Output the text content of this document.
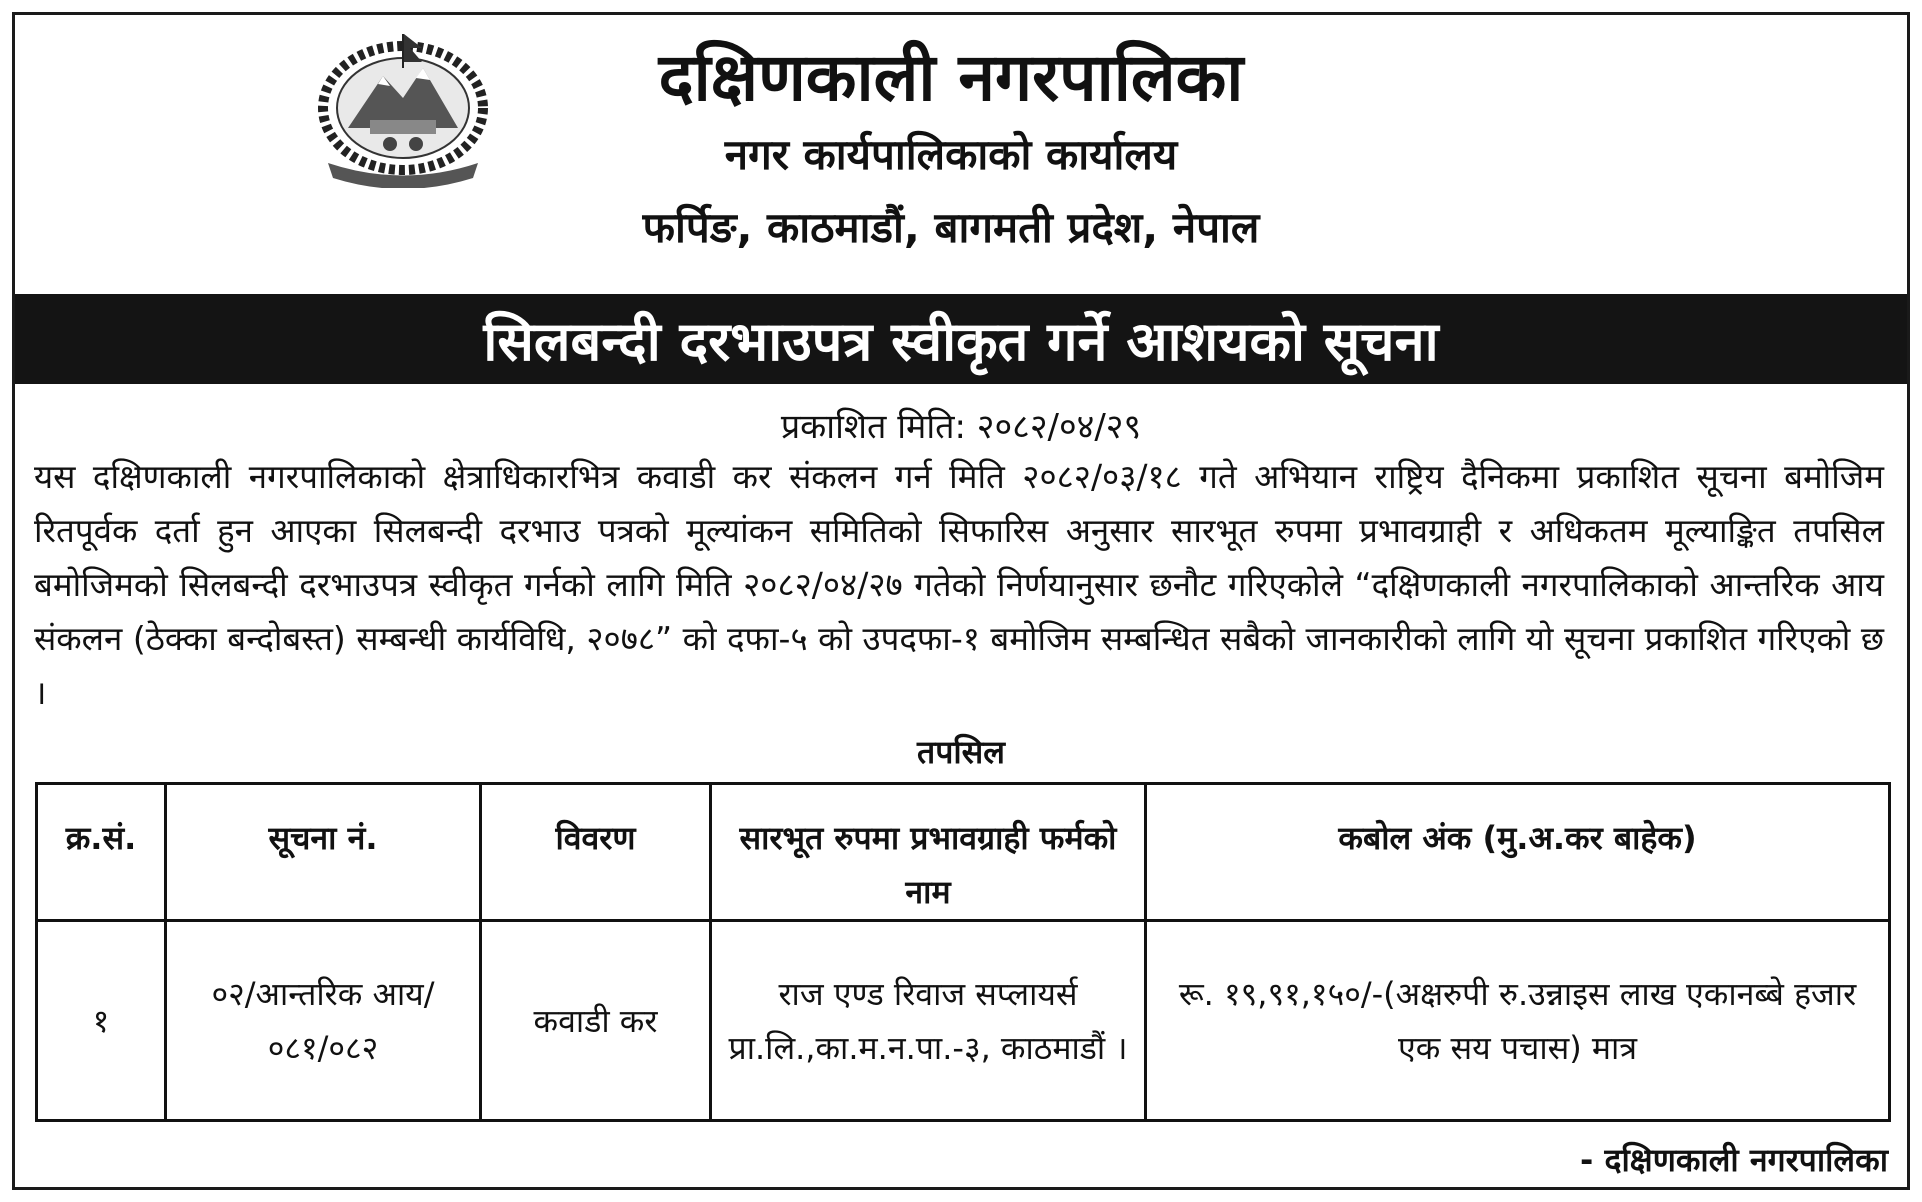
दक्षिणकाली नगरपालिका
नगर कार्यपालिकाको कार्यालय
फर्पिङ, काठमाडौं, बागमती प्रदेश, नेपाल
सिलबन्दी दरभाउपत्र स्वीकृत गर्ने आशयको सूचना
प्रकाशित मिति: २०८२/०४/२९
यस दक्षिणकाली नगरपालिकाको क्षेत्राधिकारभित्र कवाडी कर संकलन गर्न मिति २०८२/०३/१८ गते अभियान राष्ट्रिय दैनिकमा प्रकाशित सूचना बमोजिम रितपूर्वक दर्ता हुन आएका सिलबन्दी दरभाउ पत्रको मूल्यांकन समितिको सिफारिस अनुसार सारभूत रुपमा प्रभावग्राही र अधिकतम मूल्याङ्कित तपसिल बमोजिमको सिलबन्दी दरभाउपत्र स्वीकृत गर्नको लागि मिति २०८२/०४/२७ गतेको निर्णयानुसार छनौट गरिएकोले “दक्षिणकाली नगरपालिकाको आन्तरिक आय संकलन (ठेक्का बन्दोबस्त) सम्बन्धी कार्यविधि, २०७८” को दफा-५ को उपदफा-१ बमोजिम सम्बन्धित सबैको जानकारीको लागि यो सूचना प्रकाशित गरिएको छ ।
तपसिल
क्र.सं.	सूचना नं.	विवरण	सारभूत रुपमा प्रभावग्राही फर्मको नाम	कबोल अंक (मु.अ.कर बाहेक)
१	०२/आन्तरिक आय/०८१/०८२	कवाडी कर	राज एण्ड रिवाज सप्लायर्स प्रा.लि.,का.म.न.पा.-३, काठमाडौं ।	रू. १९,९१,१५०/-(अक्षरुपी रु.उन्नाइस लाख एकानब्बे हजार एक सय पचास) मात्र
- दक्षिणकाली नगरपालिका
